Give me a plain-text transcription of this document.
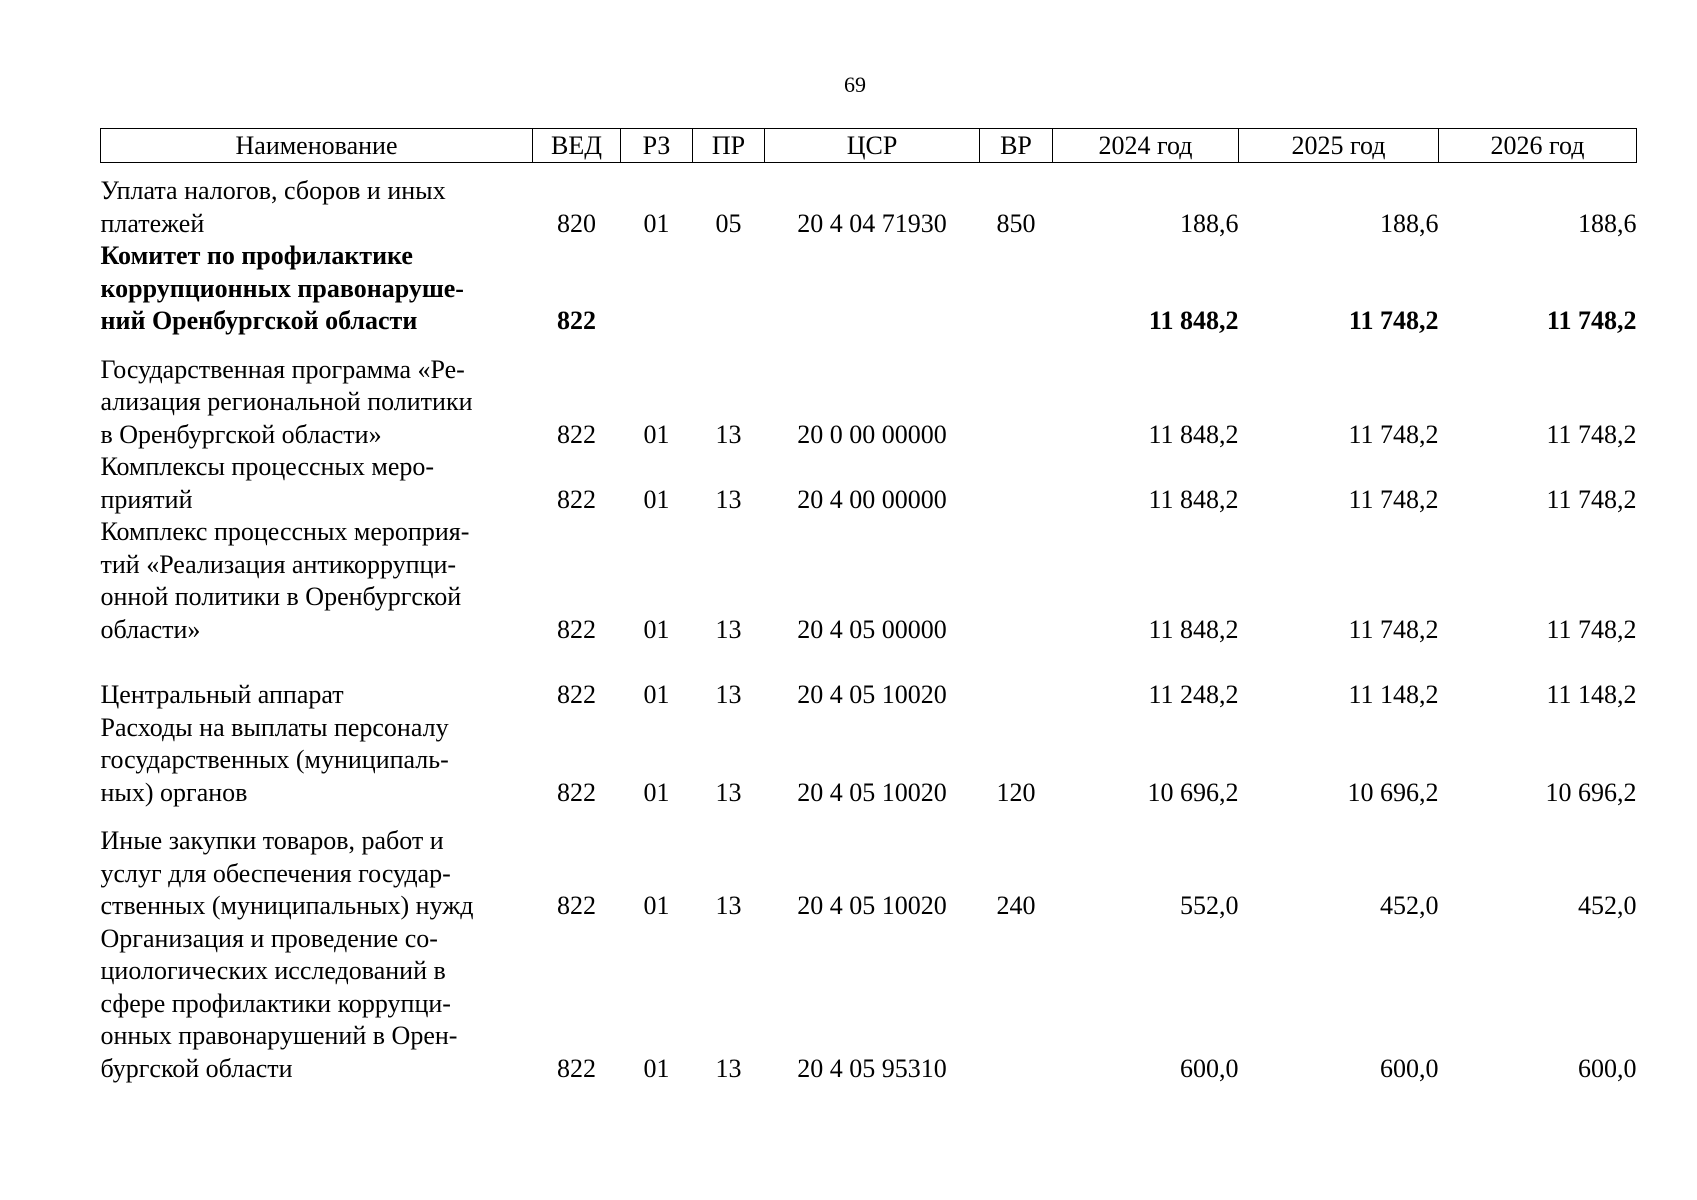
69
Наименование	ВЕД	РЗ	ПР	ЦСР	ВР	2024 год	2025 год	2026 год

Уплата налогов, сборов и иных
платежей	820	01	05	20 4 04 71930	850	188,6	188,6	188,6

Комитет по профилактике
коррупционных правонаруше-
ний Оренбургской области	822					11 848,2	11 748,2	11 748,2

Государственная программа «Ре-
ализация региональной политики
в Оренбургской области»	822	01	13	20 0 00 00000		11 848,2	11 748,2	11 748,2

Комплексы процессных меро-
приятий	822	01	13	20 4 00 00000		11 848,2	11 748,2	11 748,2

Комплекс процессных мероприя-
тий «Реализация антикоррупци-
онной политики в Оренбургской
области»	822	01	13	20 4 05 00000		11 848,2	11 748,2	11 748,2

Центральный аппарат	822	01	13	20 4 05 10020		11 248,2	11 148,2	11 148,2

Расходы на выплаты персоналу
государственных (муниципаль-
ных) органов	822	01	13	20 4 05 10020	120	10 696,2	10 696,2	10 696,2

Иные закупки товаров, работ и
услуг для обеспечения государ-
ственных (муниципальных) нужд	822	01	13	20 4 05 10020	240	552,0	452,0	452,0

Организация и проведение со-
циологических исследований в
сфере профилактики коррупци-
онных правонарушений в Орен-
бургской области	822	01	13	20 4 05 95310		600,0	600,0	600,0
